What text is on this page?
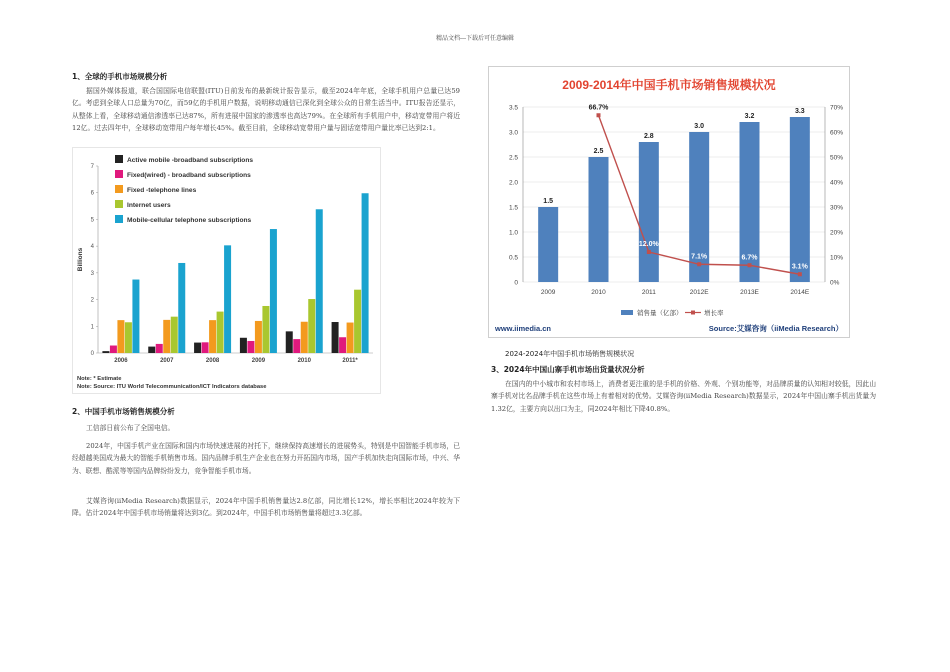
精品文档---下载后可任意编辑
1、全球的手机市场规模分析
据国外媒体报道，联合国国际电信联盟(ITU)日前发布的最新统计报告显示，截至2024年年底，全球手机用户总量已达59亿。考虑到全球人口总量为70亿，而59亿的手机用户数据，说明移动通信已深化到全球公众的日常生活当中。ITU报告还显示，从整体上看，全球移动通信渗透率已达87%，所有进展中国家的渗透率也高达79%。在全球所有手机用户中，移动宽带用户将近12亿。过去四年中，全球移动宽带用户每年增长45%。截至目前，全球移动宽带用户量与固话宽带用户量比率已达到2:1。
0
1
2
3
4
5
6
7
Billions
2006	2007	2008	2009	2010	2011*
Active mobile -broadband subscriptions
Fixed(wired) - broadband subscriptions
Fixed -telephone lines
Internet users
Mobile-cellular telephone subscriptions
Note: * Estimate
Note: Source: ITU World Telecommunication/ICT Indicators database
2009-2014年中国手机市场销售规模状况
0
0.5
1.0
1.5
2.0
2.5
3.0
3.5
0%
10%
20%
30%
40%
50%
60%
70%
1.5
2009
2.5
2010
2.8
2011
3.0
2012E
3.2
2013E
3.3
2014E
66.7%
12.0%
7.1%	6.7%
3.1%
销售量（亿部）	增长率
www.iimedia.cn	Source:艾媒咨询（iiMedia Research）
2024-2024年中国手机市场销售规模状况
3、2024年中国山寨手机市场出货量状况分析
在国内的中小城市和农村市场上，消费者更注重的是手机的价格、外观、个别功能等，对品牌质量的认知相对较低，因此山寨手机对比名品牌手机在这些市场上有着相对的优势。艾媒咨询(iiMedia Research)数据显示，2024年中国山寨手机出货量为1.32亿，主要方向以出口为主，同2024年相比下降40.8%。
2、中国手机市场销售规模分析
工信部日前公布了全国电信。
2024年，中国手机产业在国际和国内市场快速进展的衬托下，继续保持高速增长的进展势头，特别是中国智能手机市场，已经超越美国成为最大的智能手机销售市场。国内品牌手机生产企业也在努力开拓国内市场，国产手机加快走向国际市场，中兴、华为、联想、酷派等等国内品牌纷纷发力，竞争智能手机市场。
艾媒咨询(iiMedia Research)数据显示，2024年中国手机销售量达2.8亿部，同比增长12%，增长率相比2024年较为下降。估计2024年中国手机市场销量将达到3亿。到2024年，中国手机市场销售量将超过3.3亿部。
